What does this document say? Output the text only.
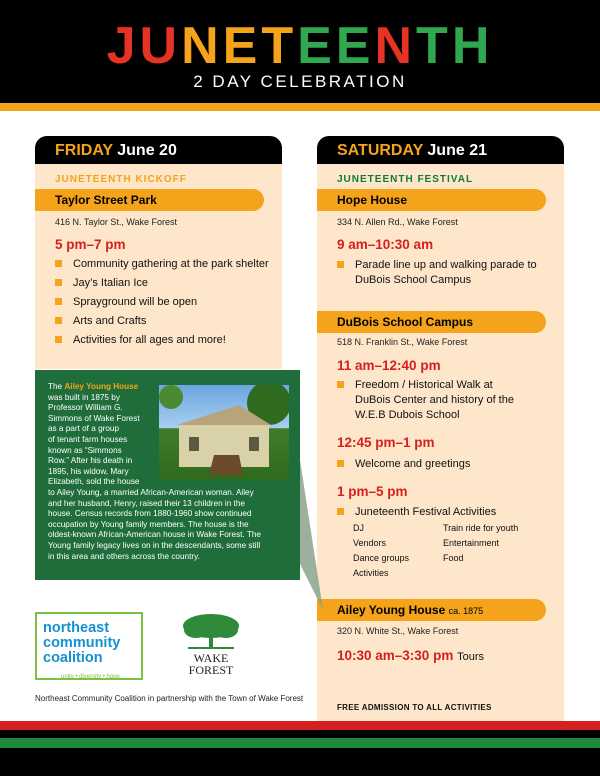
JUNETEENTH
2 DAY CELEBRATION
FRIDAY June 20
JUNETEENTH KICKOFF
Taylor Street Park
416 N. Taylor St., Wake Forest
5 pm–7 pm
Community gathering at the park shelter
Jay’s Italian Ice
Sprayground will be open
Arts and Crafts
Activities for all ages and more!
SATURDAY June 21
JUNETEENTH FESTIVAL
Hope House
334 N. Allen Rd., Wake Forest
9 am–10:30 am
Parade line up and walking parade to
DuBois School Campus
DuBois School Campus
518 N. Franklin St., Wake Forest
11 am–12:40 pm
Freedom / Historical Walk at
DuBois Center and history of the
W.E.B Dubois School
12:45 pm–1 pm
Welcome and greetings
1 pm–5 pm
Juneteenth Festival Activities
DJ
Vendors
Dance groups
Activities
Train ride for youth
Entertainment
Food
Ailey Young House ca. 1875
320 N. White St., Wake Forest
10:30 am–3:30 pm Tours
FREE ADMISSION TO ALL ACTIVITIES
The Ailey Young House
was built in 1875 by
Professor William G.
Simmons of Wake Forest
as a part of a group
of tenant farm houses
known as “Simmons
Row.” After his death in
1895, his widow, Mary
Elizabeth, sold the house
to Ailey Young, a married African-American woman. Ailey
and her husband, Henry, raised their 13 children in the
house. Census records from 1880-1960 show continued
occupation by Young family members. The house is the
oldest-known African-American house in Wake Forest. The
Young family legacy lives on in the descendants, some still
in this area and others across the country.
northeast
community
coalition
unity • diversity • hope
WAKE
FOREST
Northeast Community Coalition in partnership with the Town of Wake Forest
